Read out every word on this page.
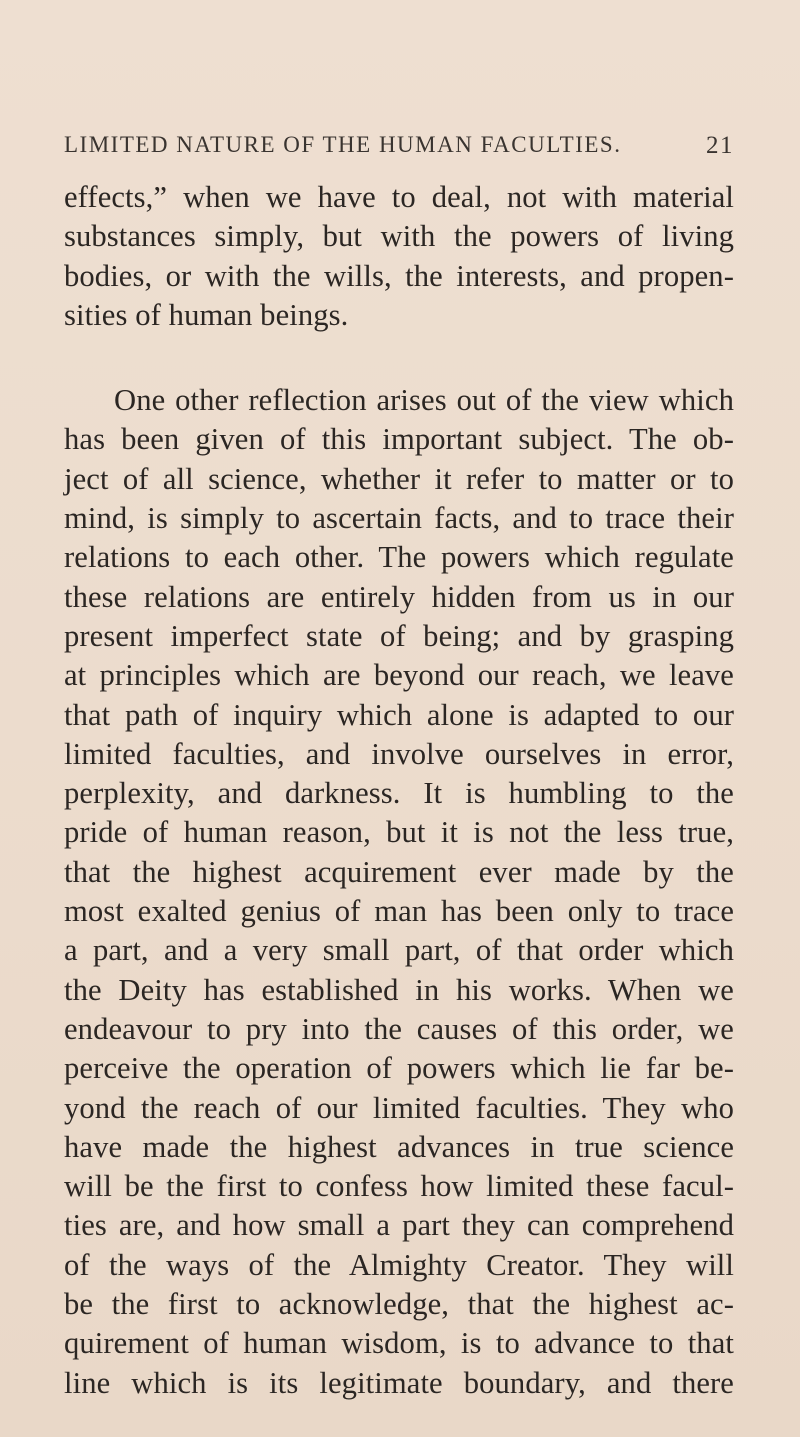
LIMITED NATURE OF THE HUMAN FACULTIES.	21
effects,” when we have to deal, not with material
substances simply, but with the powers of living
bodies, or with the wills, the interests, and propen-
sities of human beings.
One other reflection arises out of the view which
has been given of this important subject. The ob-
ject of all science, whether it refer to matter or to
mind, is simply to ascertain facts, and to trace their
relations to each other. The powers which regulate
these relations are entirely hidden from us in our
present imperfect state of being; and by grasping
at principles which are beyond our reach, we leave
that path of inquiry which alone is adapted to our
limited faculties, and involve ourselves in error,
perplexity, and darkness. It is humbling to the
pride of human reason, but it is not the less true,
that the highest acquirement ever made by the
most exalted genius of man has been only to trace
a part, and a very small part, of that order which
the Deity has established in his works. When we
endeavour to pry into the causes of this order, we
perceive the operation of powers which lie far be-
yond the reach of our limited faculties. They who
have made the highest advances in true science
will be the first to confess how limited these facul-
ties are, and how small a part they can comprehend
of the ways of the Almighty Creator. They will
be the first to acknowledge, that the highest ac-
quirement of human wisdom, is to advance to that
line which is its legitimate boundary, and there
